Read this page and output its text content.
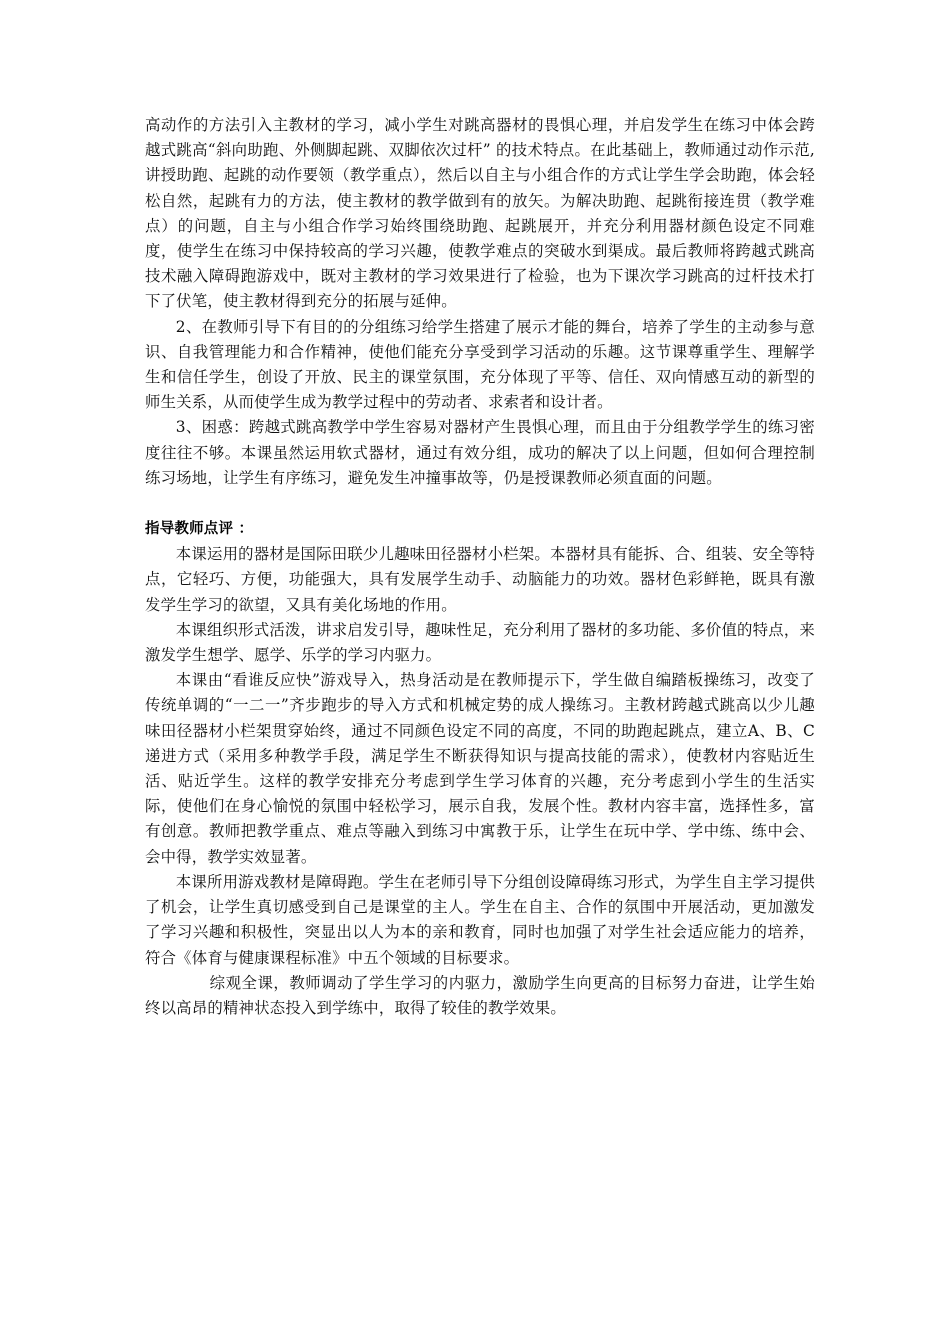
高动作的方法引入主教材的学习，减小学生对跳高器材的畏惧心理，并启发学生在练习中体会跨越式跳高“斜向助跑、外侧脚起跳、双脚依次过杆” 的技术特点。在此基础上，教师通过动作示范,讲授助跑、起跳的动作要领（教学重点），然后以自主与小组合作的方式让学生学会助跑，体会轻松自然，起跳有力的方法，使主教材的教学做到有的放矢。为解决助跑、起跳衔接连贯（教学难点）的问题，自主与小组合作学习始终围绕助跑、起跳展开，并充分利用器材颜色设定不同难度，使学生在练习中保持较高的学习兴趣，使教学难点的突破水到渠成。最后教师将跨越式跳高技术融入障碍跑游戏中，既对主教材的学习效果进行了检验，也为下课次学习跳高的过杆技术打下了伏笔，使主教材得到充分的拓展与延伸。

2、在教师引导下有目的的分组练习给学生搭建了展示才能的舞台，培养了学生的主动参与意识、自我管理能力和合作精神，使他们能充分享受到学习活动的乐趣。这节课尊重学生、理解学生和信任学生，创设了开放、民主的课堂氛围，充分体现了平等、信任、双向情感互动的新型的师生关系，从而使学生成为教学过程中的劳动者、求索者和设计者。

3、困惑：跨越式跳高教学中学生容易对器材产生畏惧心理，而且由于分组教学学生的练习密度往往不够。本课虽然运用软式器材，通过有效分组，成功的解决了以上问题，但如何合理控制练习场地，让学生有序练习，避免发生冲撞事故等，仍是授课教师必须直面的问题。

指导教师点评 ：

本课运用的器材是国际田联少儿趣味田径器材小栏架。本器材具有能拆、合、组装、安全等特点，它轻巧、方便，功能强大，具有发展学生动手、动脑能力的功效。器材色彩鲜艳，既具有激发学生学习的欲望，又具有美化场地的作用。

本课组织形式活泼，讲求启发引导，趣味性足，充分利用了器材的多功能、多价值的特点，来激发学生想学、愿学、乐学的学习内驱力。

本课由“看谁反应快”游戏导入，热身活动是在教师提示下，学生做自编踏板操练习，改变了传统单调的“一二一”齐步跑步的导入方式和机械定势的成人操练习。主教材跨越式跳高以少儿趣味田径器材小栏架贯穿始终，通过不同颜色设定不同的高度，不同的助跑起跳点，建立A、B、C递进方式（采用多种教学手段，满足学生不断获得知识与提高技能的需求），使教材内容贴近生活、贴近学生。这样的教学安排充分考虑到学生学习体育的兴趣，充分考虑到小学生的生活实际，使他们在身心愉悦的氛围中轻松学习，展示自我，发展个性。教材内容丰富，选择性多，富有创意。教师把教学重点、难点等融入到练习中寓教于乐，让学生在玩中学、学中练、练中会、会中得，教学实效显著。

本课所用游戏教材是障碍跑。学生在老师引导下分组创设障碍练习形式，为学生自主学习提供了机会，让学生真切感受到自己是课堂的主人。学生在自主、合作的氛围中开展活动，更加激发了学习兴趣和积极性，突显出以人为本的亲和教育，同时也加强了对学生社会适应能力的培养，符合《体育与健康课程标准》中五个领域的目标要求。

综观全课，教师调动了学生学习的内驱力，激励学生向更高的目标努力奋进，让学生始终以高昂的精神状态投入到学练中，取得了较佳的教学效果。
